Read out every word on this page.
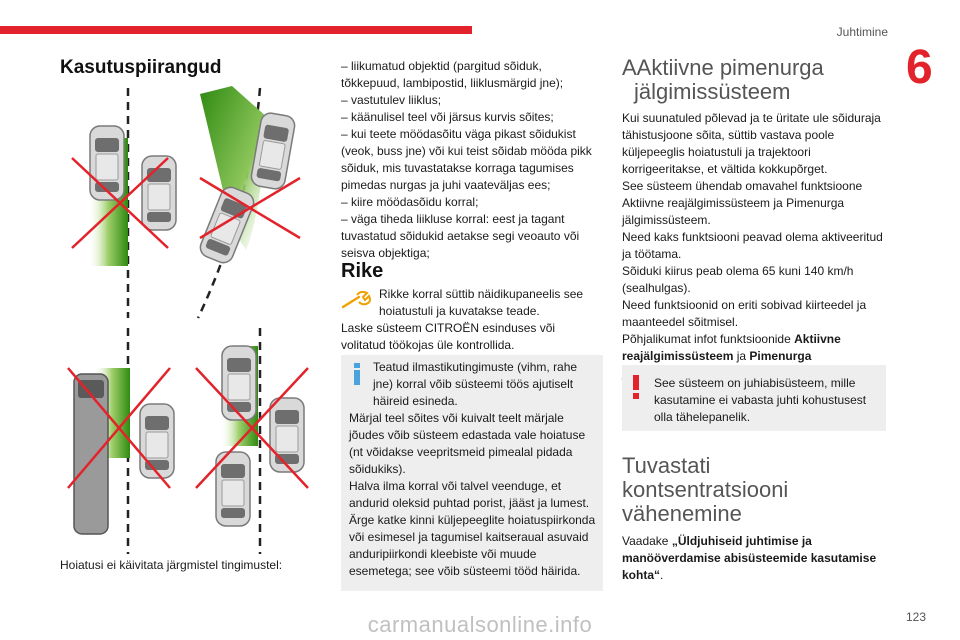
Juhtimine
6
Kasutuspiirangud
Hoiatusi ei käivitata järgmistel tingimustel:

– liikumatud objektid (pargitud sõiduk, tõkkepuud, lambipostid, liiklusmärgid jne);

– vastutulev liiklus;

– käänulisel teel või järsus kurvis sõites;

– kui teete möödasõitu väga pikast sõidukist (veok, buss jne) või kui teist sõidab mööda pikk sõiduk, mis tuvastatakse korraga tagumises pimedas nurgas ja juhi vaateväljas ees;

– kiire möödasõidu korral;

– väga tiheda liikluse korral: eest ja tagant tuvastatud sõidukid aetakse segi veoauto või seisva objektiga;

Rike
Rikke korral süttib näidikupaneelis see hoiatustuli ja kuvatakse teade.
Laske süsteem CITROËN esinduses või volitatud töökojas üle kontrollida.
Teatud ilmastikutingimuste (vihm, rahe jne) korral võib süsteemi töös ajutiselt häireid esineda.
Märjal teel sõites või kuivalt teelt märjale jõudes võib süsteem edastada vale hoiatuse (nt võidakse veepritsmeid pimealal pidada sõidukiks).
Halva ilma korral või talvel veenduge, et andurid oleksid puhtad porist, jääst ja lumest.
Ärge katke kinni küljepeeglite hoiatuspiirkonda või esimesel ja tagumisel kaitseraual asuvaid anduripiirkondi kleebiste või muude esemetega; see võib süsteemi tööd häirida.
AAktiivne pimenurga
jälgimissüsteem

Kui suunatuled põlevad ja te üritate ule sõiduraja tähistusjoone sõita, süttib vastava poole küljepeeglis hoiatustuli ja trajektoori korrigeeritakse, et vältida kokkupõrget.

See süsteem ühendab omavahel funktsioone Aktiivne reajälgimissüsteem ja Pimenurga jälgimissüsteem.

Need kaks funktsiooni peavad olema aktiveeritud ja töötama.

Sõiduki kiirus peab olema 65 kuni 140 km/h (sealhulgas).

Need funktsioonid on eriti sobivad kiirteedel ja maanteedel sõitmisel.

Põhjalikumat infot funktsioonide Aktiivne reajälgimissüsteem ja Pimenurga

See süsteem on juhiabisüsteem, mille kasutamine ei vabasta juhti kohustusest olla tähelepanelik.
Tuvastati
kontsentratsiooni
vähenemine
Vaadake „Üldjuhiseid juhtimise ja manööverdamise abisüsteemide kasutamise kohta“.
carmanualsonline.info	123
